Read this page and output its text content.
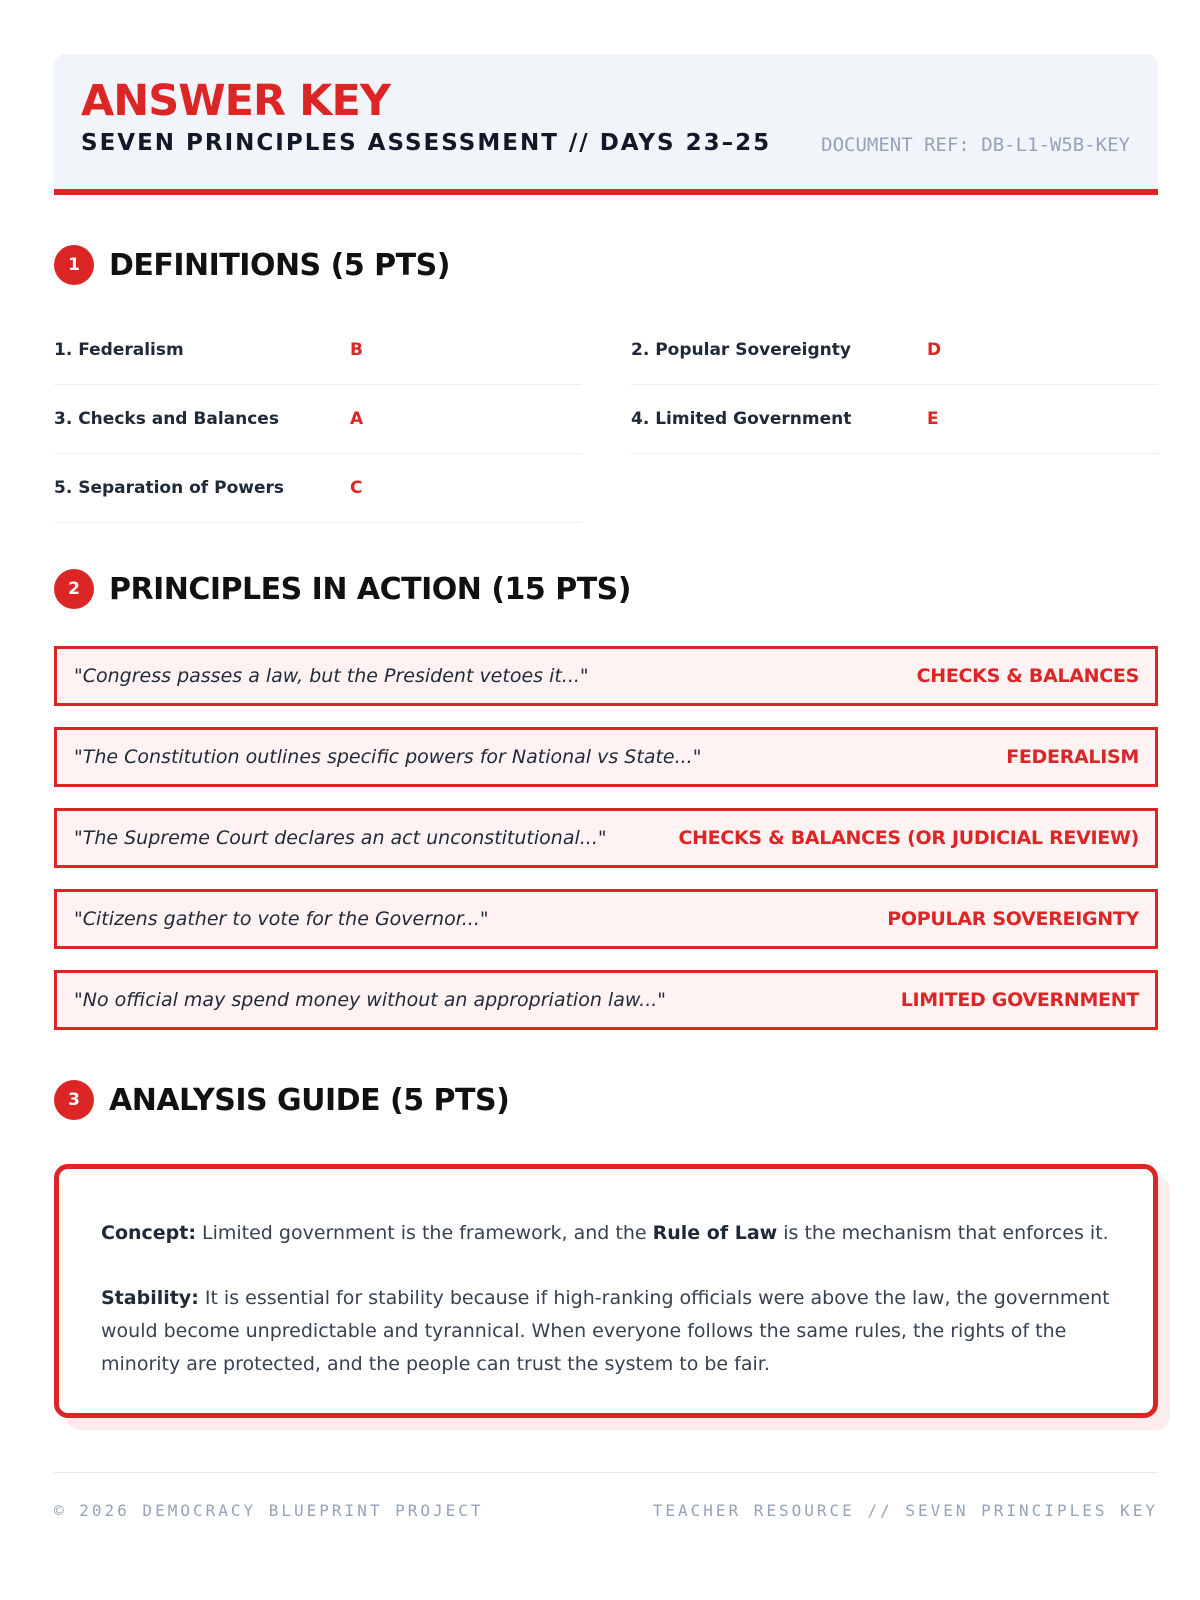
ANSWER KEY
SEVEN PRINCIPLES ASSESSMENT // DAYS 23–25	DOCUMENT REF: DB-L1-W5B-KEY
1 DEFINITIONS (5 PTS)
1. Federalism	B	2. Popular Sovereignty	D
3. Checks and Balances	A	4. Limited Government	E
5. Separation of Powers	C
2 PRINCIPLES IN ACTION (15 PTS)
"Congress passes a law, but the President vetoes it..."	CHECKS & BALANCES
"The Constitution outlines specific powers for National vs State..."	FEDERALISM
"The Supreme Court declares an act unconstitutional..."	CHECKS & BALANCES (OR JUDICIAL REVIEW)
"Citizens gather to vote for the Governor..."	POPULAR SOVEREIGNTY
"No official may spend money without an appropriation law..."	LIMITED GOVERNMENT
3 ANALYSIS GUIDE (5 PTS)

Concept: Limited government is the framework, and the Rule of Law is the mechanism that enforces it.

Stability: It is essential for stability because if high-ranking officials were above the law, the government would become unpredictable and tyrannical. When everyone follows the same rules, the rights of the minority are protected, and the people can trust the system to be fair.

© 2026 DEMOCRACY BLUEPRINT PROJECT	TEACHER RESOURCE // SEVEN PRINCIPLES KEY
